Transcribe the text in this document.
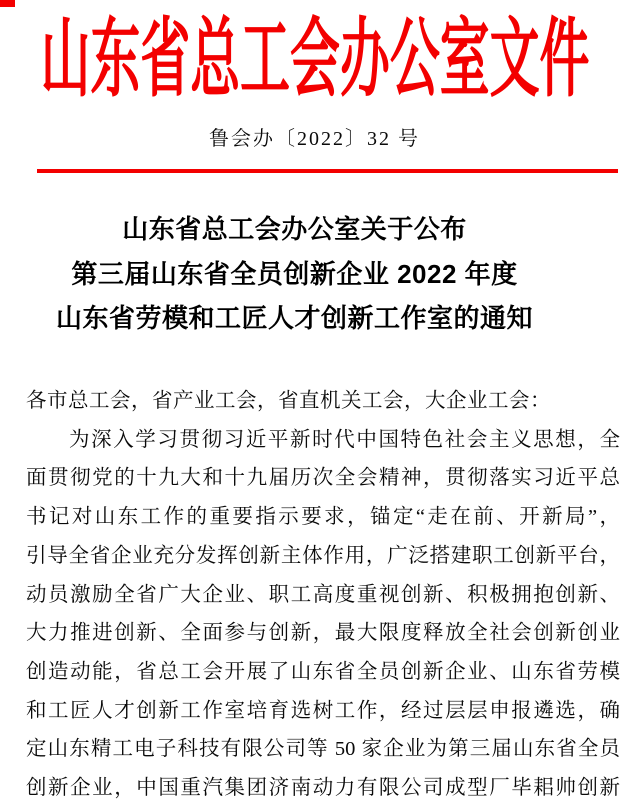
山东省总工会办公室文件
鲁会办〔2022〕32 号
山东省总工会办公室关于公布
第三届山东省全员创新企业 2022 年度
山东省劳模和工匠人才创新工作室的通知
各市总工会，省产业工会，省直机关工会，大企业工会：
为深入学习贯彻习近平新时代中国特色社会主义思想，全
面贯彻党的十九大和十九届历次全会精神，贯彻落实习近平总
书记对山东工作的重要指示要求，锚定“走在前、开新局”，
引导全省企业充分发挥创新主体作用，广泛搭建职工创新平台，
动员激励全省广大企业、职工高度重视创新、积极拥抱创新、
大力推进创新、全面参与创新，最大限度释放全社会创新创业
创造动能，省总工会开展了山东省全员创新企业、山东省劳模
和工匠人才创新工作室培育选树工作，经过层层申报遴选，确
定山东精工电子科技有限公司等 50 家企业为第三届山东省全员
创新企业，中国重汽集团济南动力有限公司成型厂毕耜帅创新
